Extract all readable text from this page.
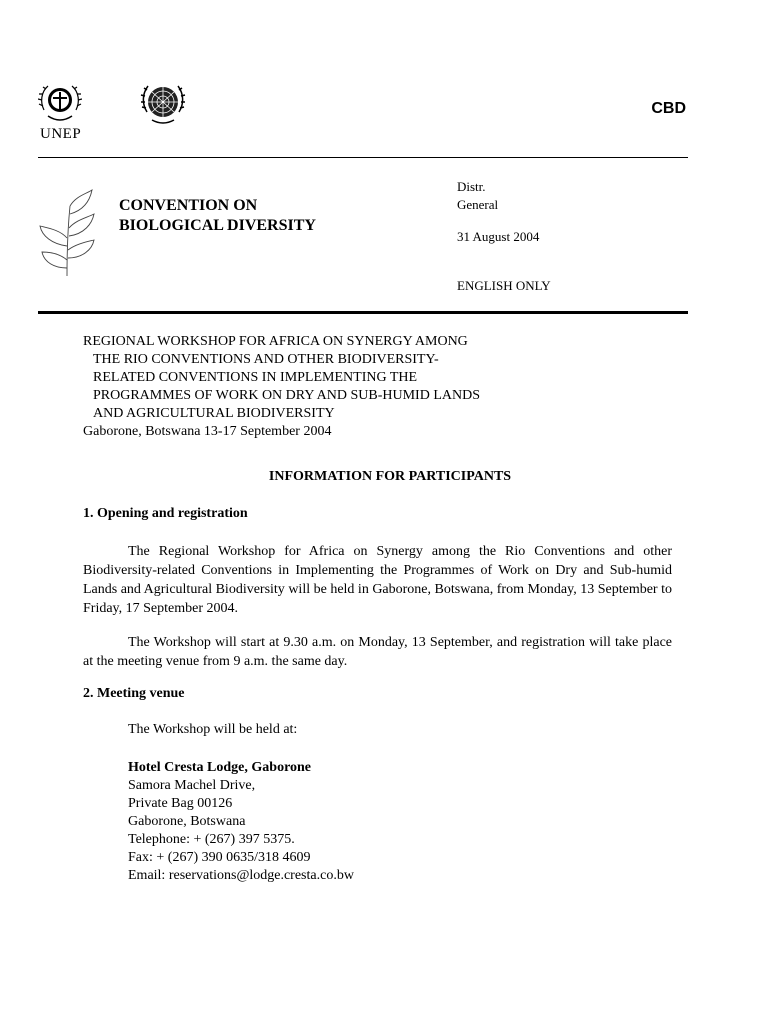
UNEP
CBD
CONVENTION ON
BIOLOGICAL DIVERSITY
Distr.
General
31 August 2004
ENGLISH ONLY
REGIONAL WORKSHOP FOR AFRICA ON SYNERGY AMONG
THE RIO CONVENTIONS AND OTHER BIODIVERSITY-
RELATED CONVENTIONS IN IMPLEMENTING THE
PROGRAMMES OF WORK ON DRY AND SUB-HUMID LANDS
AND AGRICULTURAL BIODIVERSITY
Gaborone, Botswana 13-17 September 2004
INFORMATION FOR PARTICIPANTS
1. Opening and registration
The Regional Workshop for Africa on Synergy among the Rio Conventions and other Biodiversity-related Conventions in Implementing the Programmes of Work on Dry and Sub-humid Lands and Agricultural Biodiversity will be held in Gaborone, Botswana, from Monday, 13 September to Friday, 17 September 2004.
The Workshop will start at 9.30 a.m. on Monday, 13 September, and registration will take place at the meeting venue from 9 a.m. the same day.
2. Meeting venue
The Workshop will be held at:
Hotel Cresta Lodge, Gaborone
Samora Machel Drive,
Private Bag 00126
Gaborone, Botswana
Telephone: + (267) 397 5375.
Fax: + (267) 390 0635/318 4609
Email: reservations@lodge.cresta.co.bw
